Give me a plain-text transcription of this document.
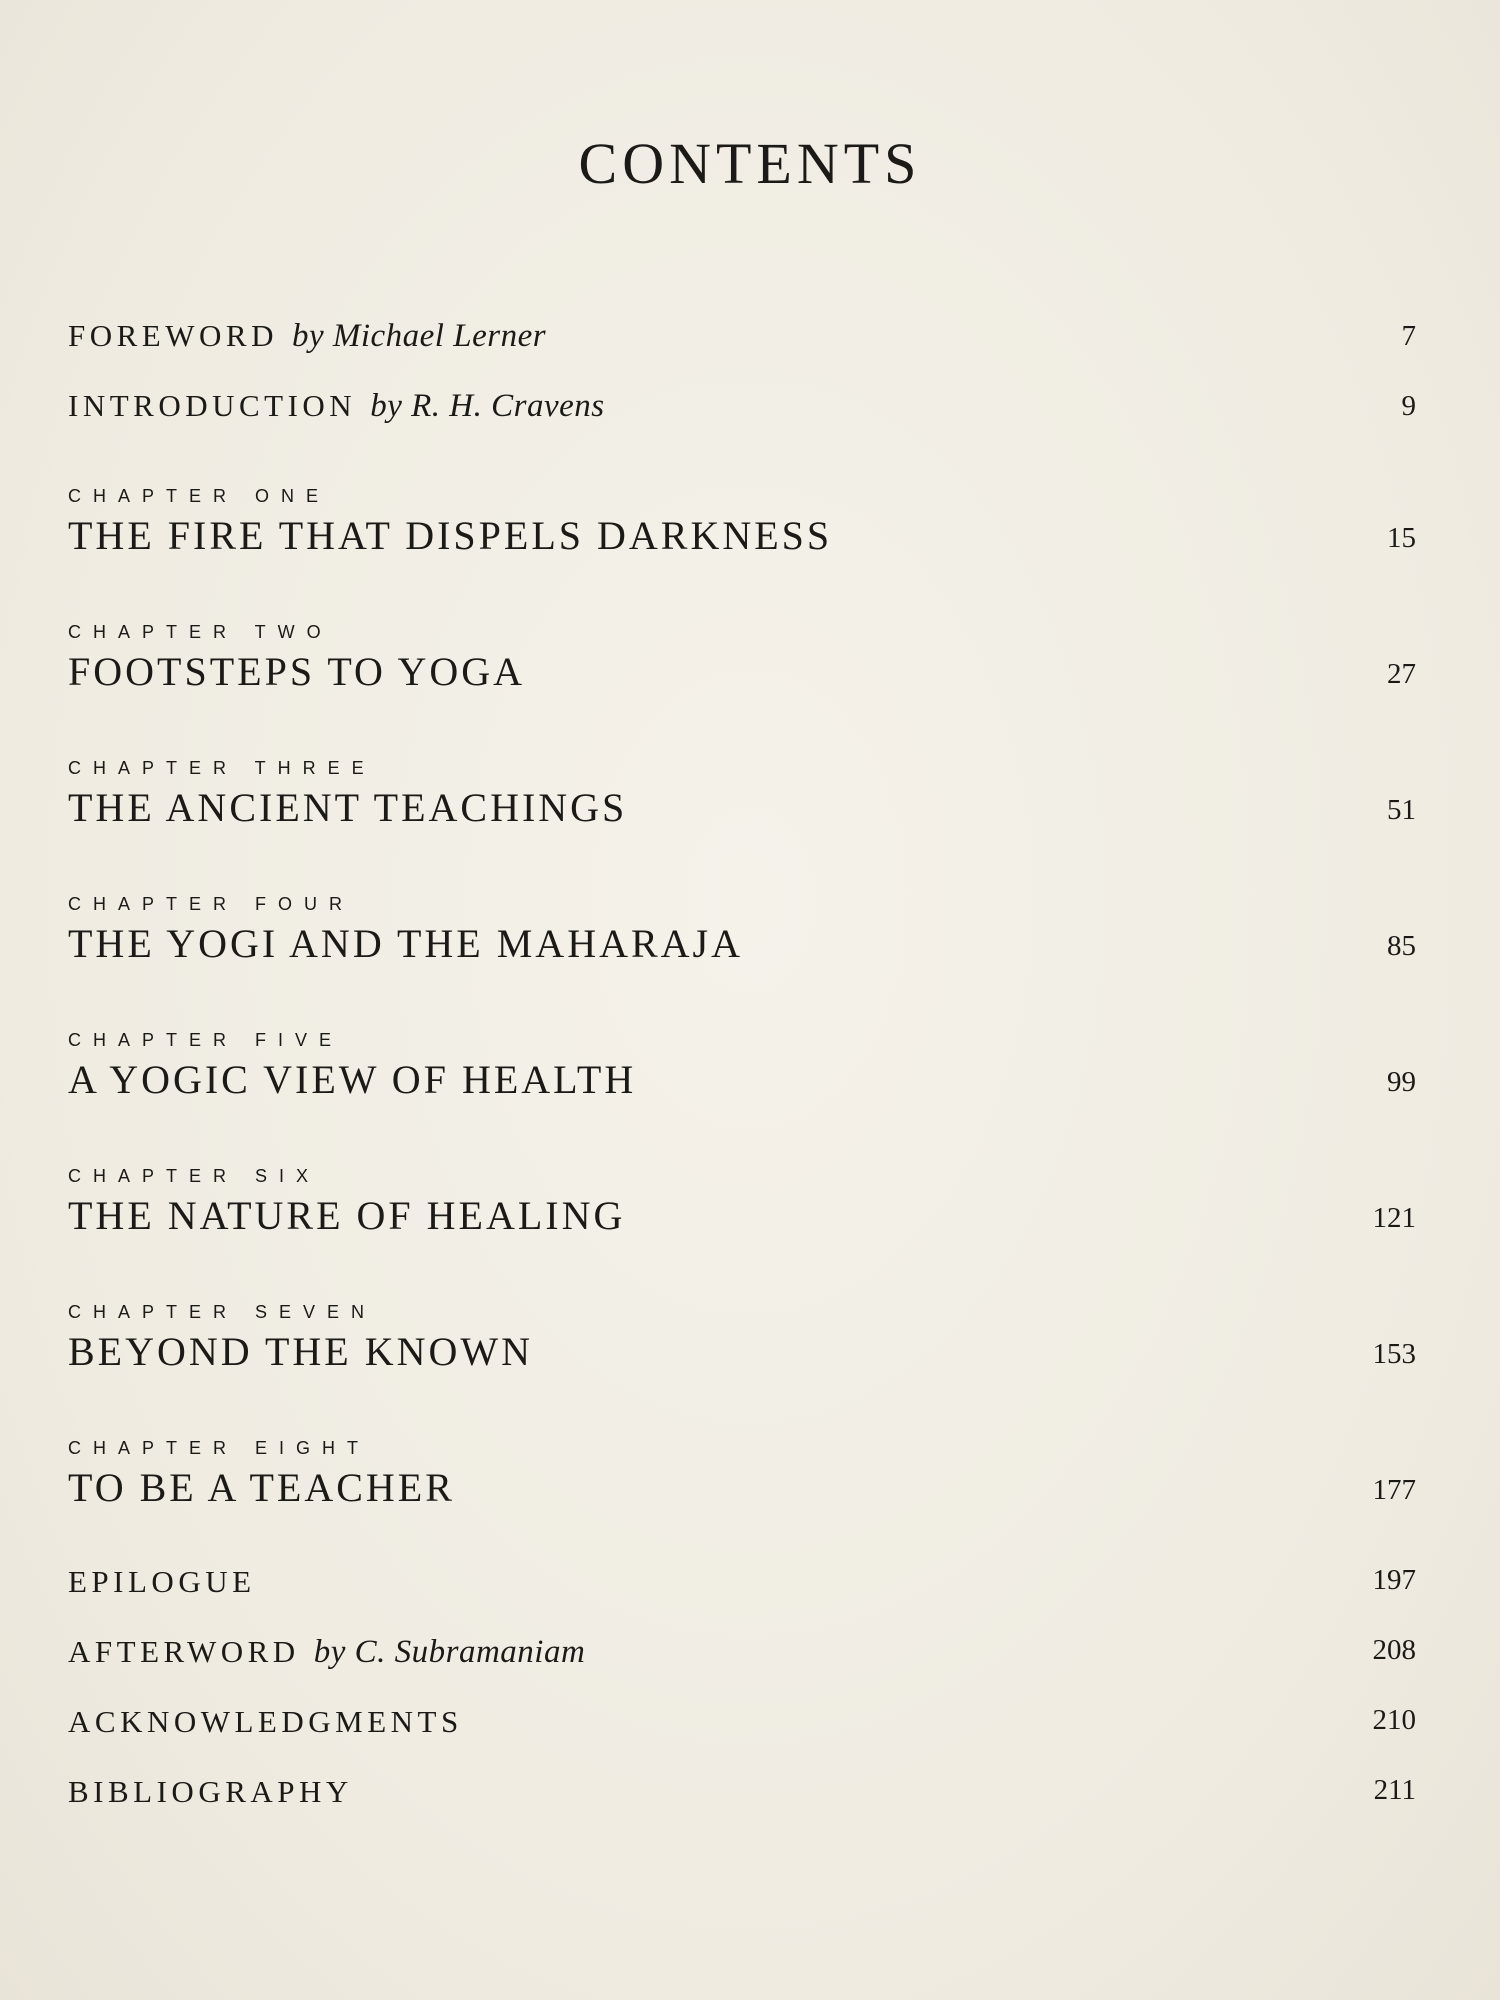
CONTENTS
FOREWORD by Michael Lerner	7
INTRODUCTION by R. H. Cravens	9
CHAPTER ONE
THE FIRE THAT DISPELS DARKNESS	15
CHAPTER TWO
FOOTSTEPS TO YOGA	27
CHAPTER THREE
THE ANCIENT TEACHINGS	51
CHAPTER FOUR
THE YOGI AND THE MAHARAJA	85
CHAPTER FIVE
A YOGIC VIEW OF HEALTH	99
CHAPTER SIX
THE NATURE OF HEALING	121
CHAPTER SEVEN
BEYOND THE KNOWN	153
CHAPTER EIGHT
TO BE A TEACHER	177
EPILOGUE	197
AFTERWORD by C. Subramaniam	208
ACKNOWLEDGMENTS	210
BIBLIOGRAPHY	211
